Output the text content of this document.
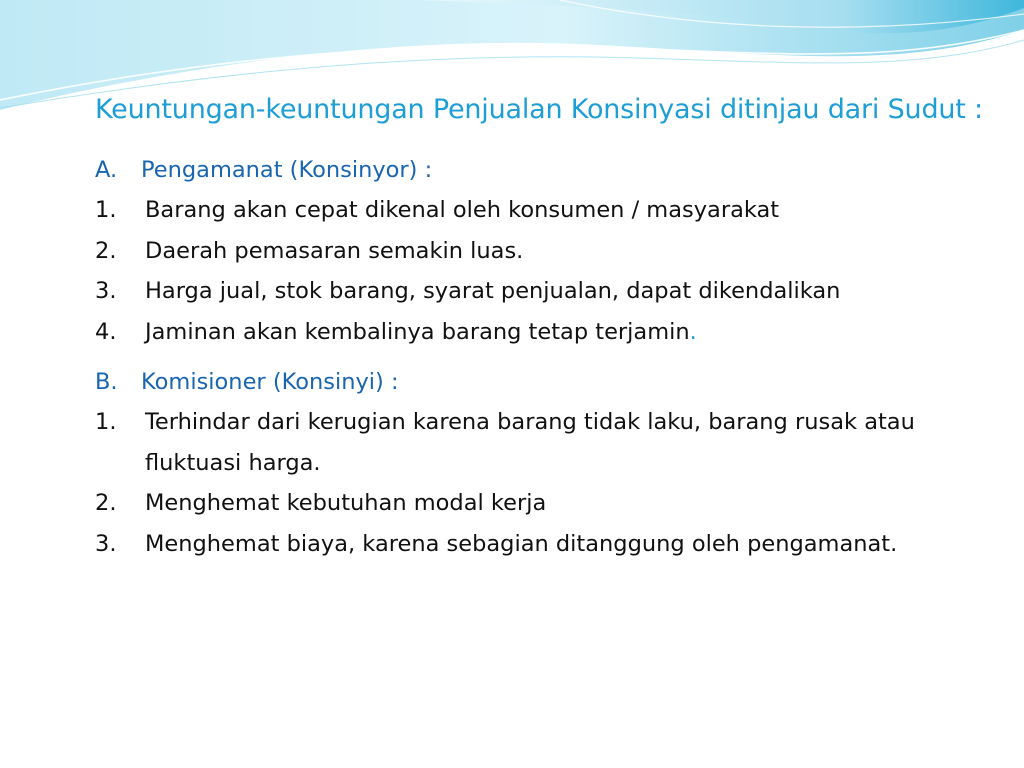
Keuntungan-keuntungan Penjualan Konsinyasi ditinjau dari Sudut :
A.	Pengamanat (Konsinyor) :
1.	Barang akan cepat dikenal oleh konsumen / masyarakat
2.	Daerah pemasaran semakin luas.
3.	Harga jual, stok barang, syarat penjualan, dapat dikendalikan
4.	Jaminan akan kembalinya barang tetap terjamin.
B.	Komisioner (Konsinyi) :
1.	Terhindar dari kerugian karena barang tidak laku, barang rusak atau fluktuasi harga.
2.	Menghemat kebutuhan modal kerja
3.	Menghemat biaya, karena sebagian ditanggung oleh pengamanat.
